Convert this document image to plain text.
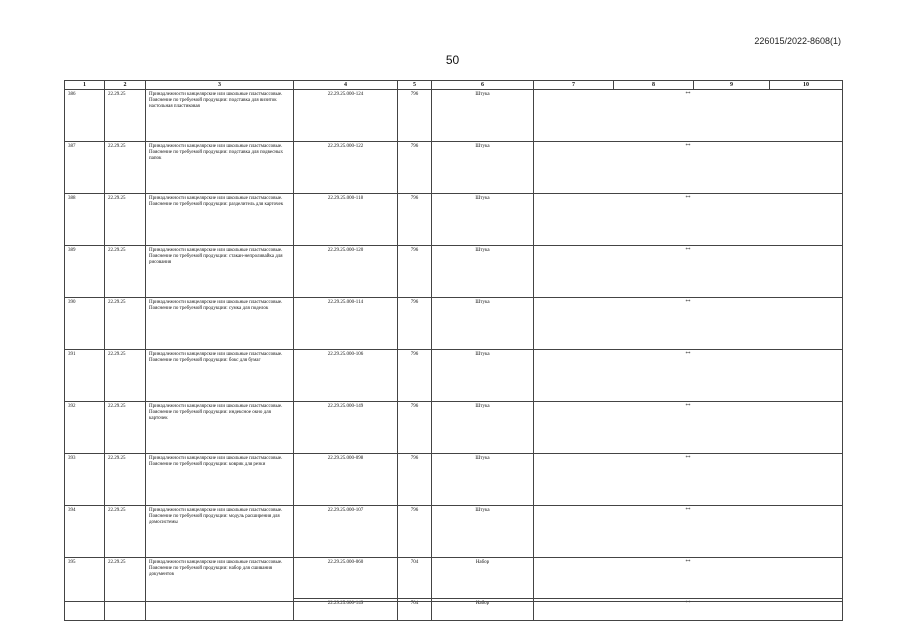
226015/2022-8608(1)
50
1	2	3	4	5	6	7	8	9	10
386	22.29.25	Принадлежности канцелярские или школьные пластмассовые. Пояснение по требуемой продукции: подставка для визиток настольная пластиковая	22.29.25.000-124	796	Штука		**		
387	22.29.25	Принадлежности канцелярские или школьные пластмассовые. Пояснение по требуемой продукции: подставка для подвесных папок	22.29.25.000-122	796	Штука		**		
388	22.29.25	Принадлежности канцелярские или школьные пластмассовые. Пояснение по требуемой продукции: разделитель для карточек	22.29.25.000-118	796	Штука		**		
389	22.29.25	Принадлежности канцелярские или школьные пластмассовые. Пояснение по требуемой продукции: стакан-непроливайка для рисования	22.29.25.000-120	796	Штука		**		
390	22.29.25	Принадлежности канцелярские или школьные пластмассовые. Пояснение по требуемой продукции: сумка для поделок	22.29.25.000-114	796	Штука		**		
391	22.29.25	Принадлежности канцелярские или школьные пластмассовые. Пояснение по требуемой продукции: бокс для бумаг	22.29.25.000-106	796	Штука		**		
392	22.29.25	Принадлежности канцелярские или школьные пластмассовые. Пояснение по требуемой продукции: индексное окно для карточек	22.29.25.000-149	796	Штука		**		
393	22.29.25	Принадлежности канцелярские или школьные пластмассовые. Пояснение по требуемой продукции: коврик для резки	22.29.25.000-098	796	Штука		**		
394	22.29.25	Принадлежности канцелярские или школьные пластмассовые. Пояснение по требуемой продукции: модуль расширения для домосистемы	22.29.25.000-107	796	Штука		**		
395	22.29.25	Принадлежности канцелярские или школьные пластмассовые. Пояснение по требуемой продукции: набор для сшивания документов	22.29.25.000-060	704	Набор		**		
			22.29.25.000-149	704	Набор		**		
